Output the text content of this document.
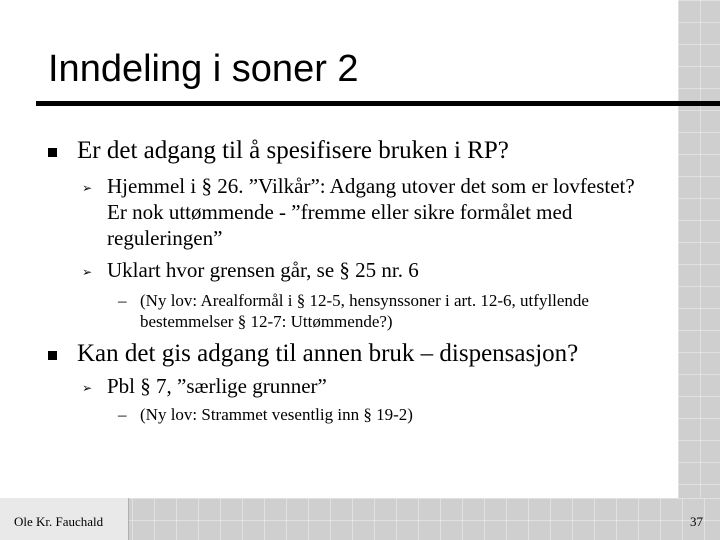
Inndeling i soner 2
Er det adgang til å spesifisere bruken i RP?
➢ Hjemmel i § 26. ”Vilkår”: Adgang utover det som er lovfestet? Er nok uttømmende - ”fremme eller sikre formålet med reguleringen”
➢ Uklart hvor grensen går, se § 25 nr. 6
– (Ny lov: Arealformål i § 12-5, hensynssoner i art. 12-6, utfyllende bestemmelser § 12-7: Uttømmende?)
Kan det gis adgang til annen bruk – dispensasjon?
➢ Pbl § 7, ”særlige grunner”
– (Ny lov: Strammet vesentlig inn § 19-2)
Ole Kr. Fauchald	37
